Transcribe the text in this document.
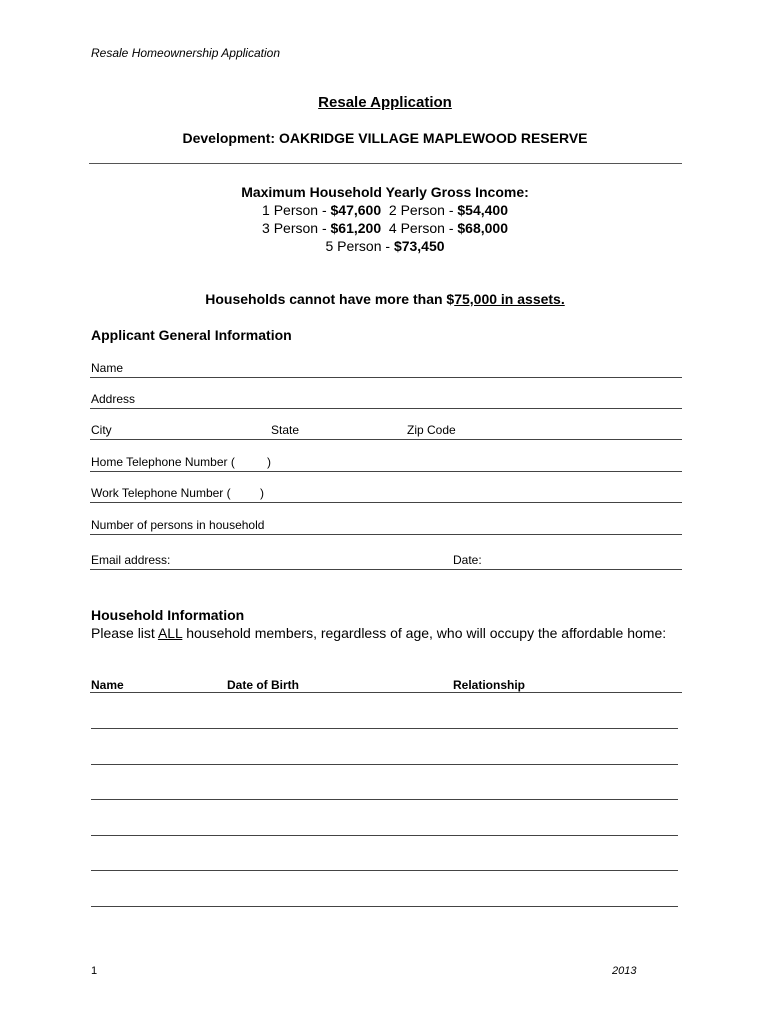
Resale Homeownership Application
Resale Application
Development: OAKRIDGE VILLAGE MAPLEWOOD RESERVE
Maximum Household Yearly Gross Income:
1 Person - $47,600  2 Person - $54,400
3 Person - $61,200  4 Person - $68,000
5 Person - $73,450
Households cannot have more than $75,000 in assets.
Applicant General Information
Name
Address
City	State	Zip Code
Home Telephone Number (	)
Work Telephone Number ( )
Number of persons in household
Email address:	Date:
Household Information
Please list ALL household members, regardless of age, who will occupy the affordable home:
Name	Date of Birth	Relationship
1	2013
